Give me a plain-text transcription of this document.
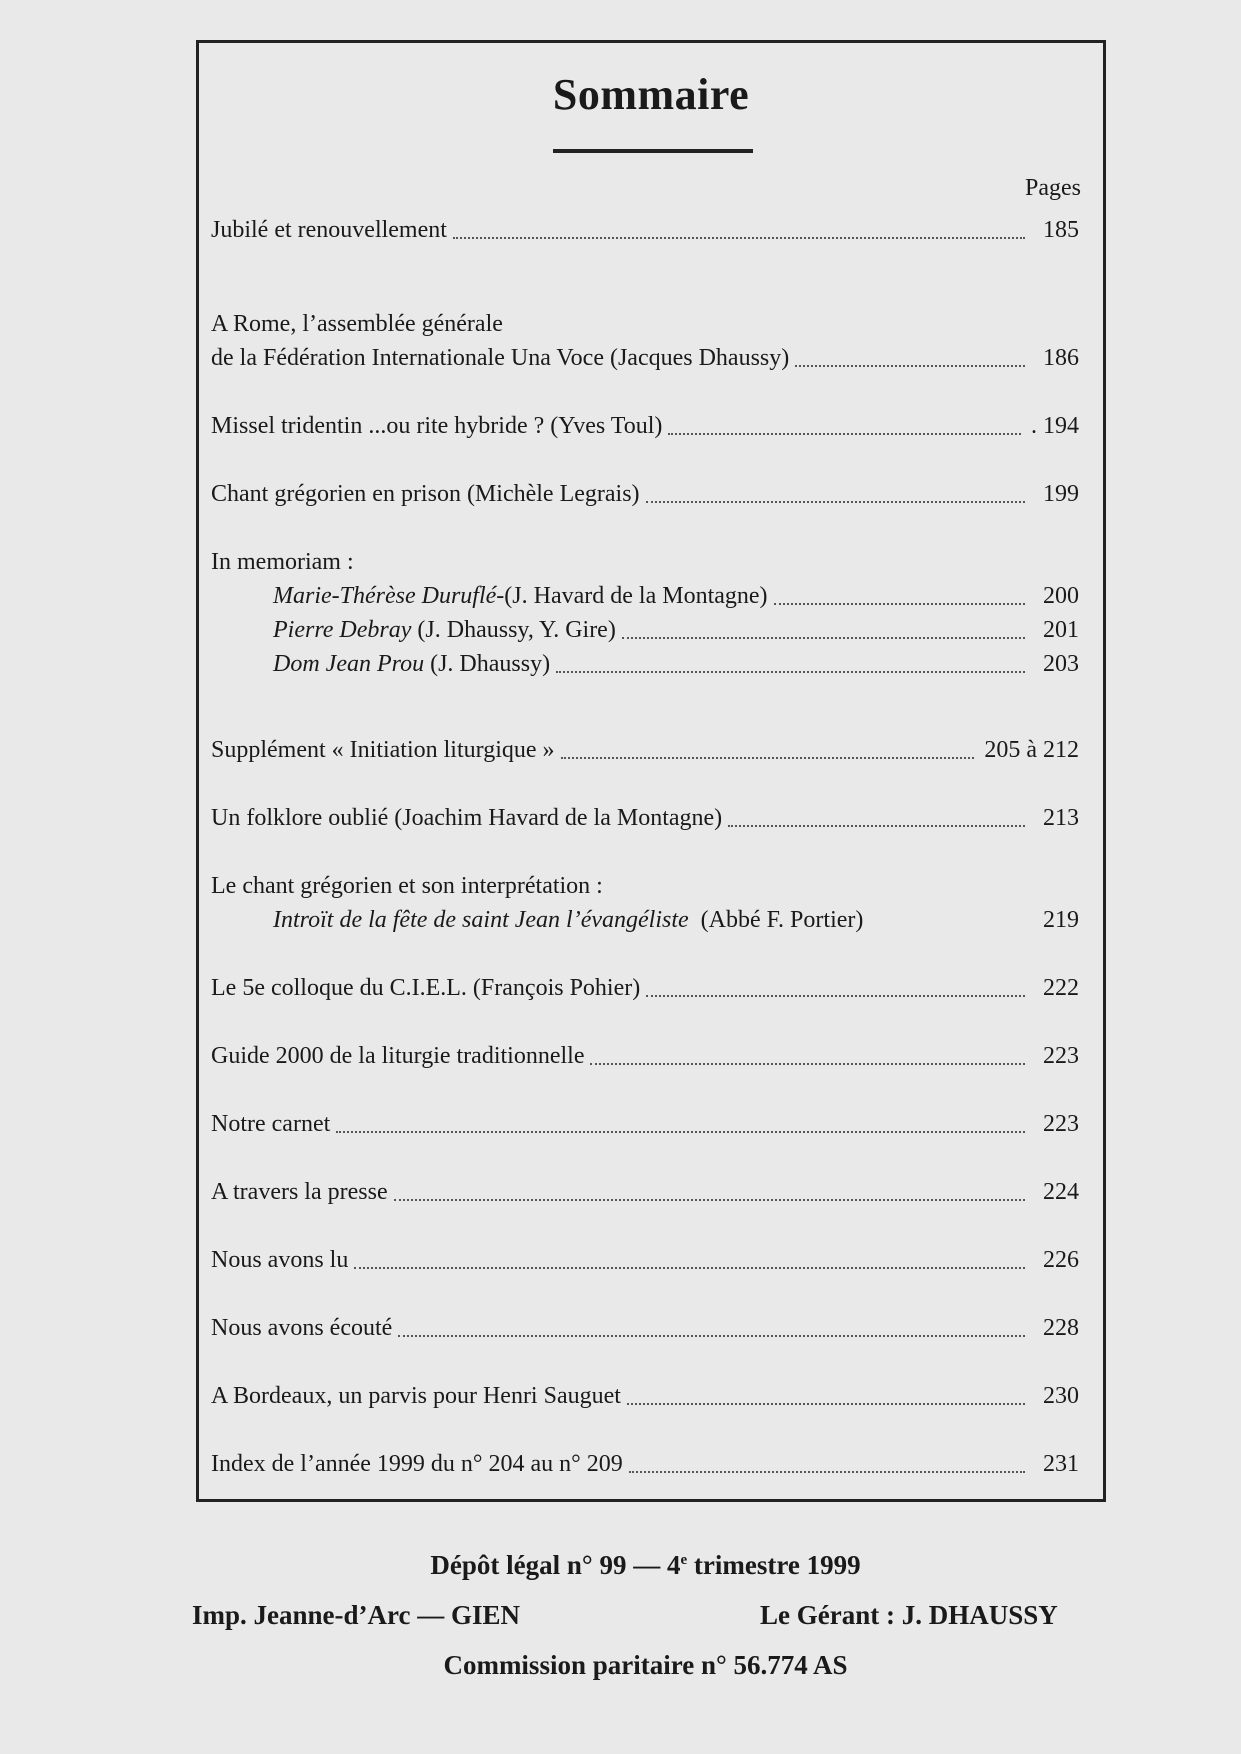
Sommaire
Pages
Jubilé et renouvellement	185
A Rome, l’assemblée générale
de la Fédération Internationale Una Voce (Jacques Dhaussy)	186
Missel tridentin ...ou rite hybride ? (Yves Toul)	. 194
Chant grégorien en prison (Michèle Legrais)	199
In memoriam :
Marie-Thérèse Duruflé-(J. Havard de la Montagne)	200
Pierre Debray (J. Dhaussy, Y. Gire)	201
Dom Jean Prou (J. Dhaussy)	203
Supplément « Initiation liturgique »	205 à 212
Un folklore oublié (Joachim Havard de la Montagne)	213
Le chant grégorien et son interprétation :
Introït de la fête de saint Jean l’évangéliste  (Abbé F. Portier)	219
Le 5e colloque du C.I.E.L. (François Pohier)	222
Guide 2000 de la liturgie traditionnelle	223
Notre carnet	223
A travers la presse	224
Nous avons lu	226
Nous avons écouté	228
A Bordeaux, un parvis pour Henri Sauguet	230
Index de l’année 1999 du n° 204 au n° 209	231
Dépôt légal n° 99 — 4e trimestre 1999
Imp. Jeanne-d’Arc — GIEN	Le Gérant : J. DHAUSSY
Commission paritaire n° 56.774 AS
